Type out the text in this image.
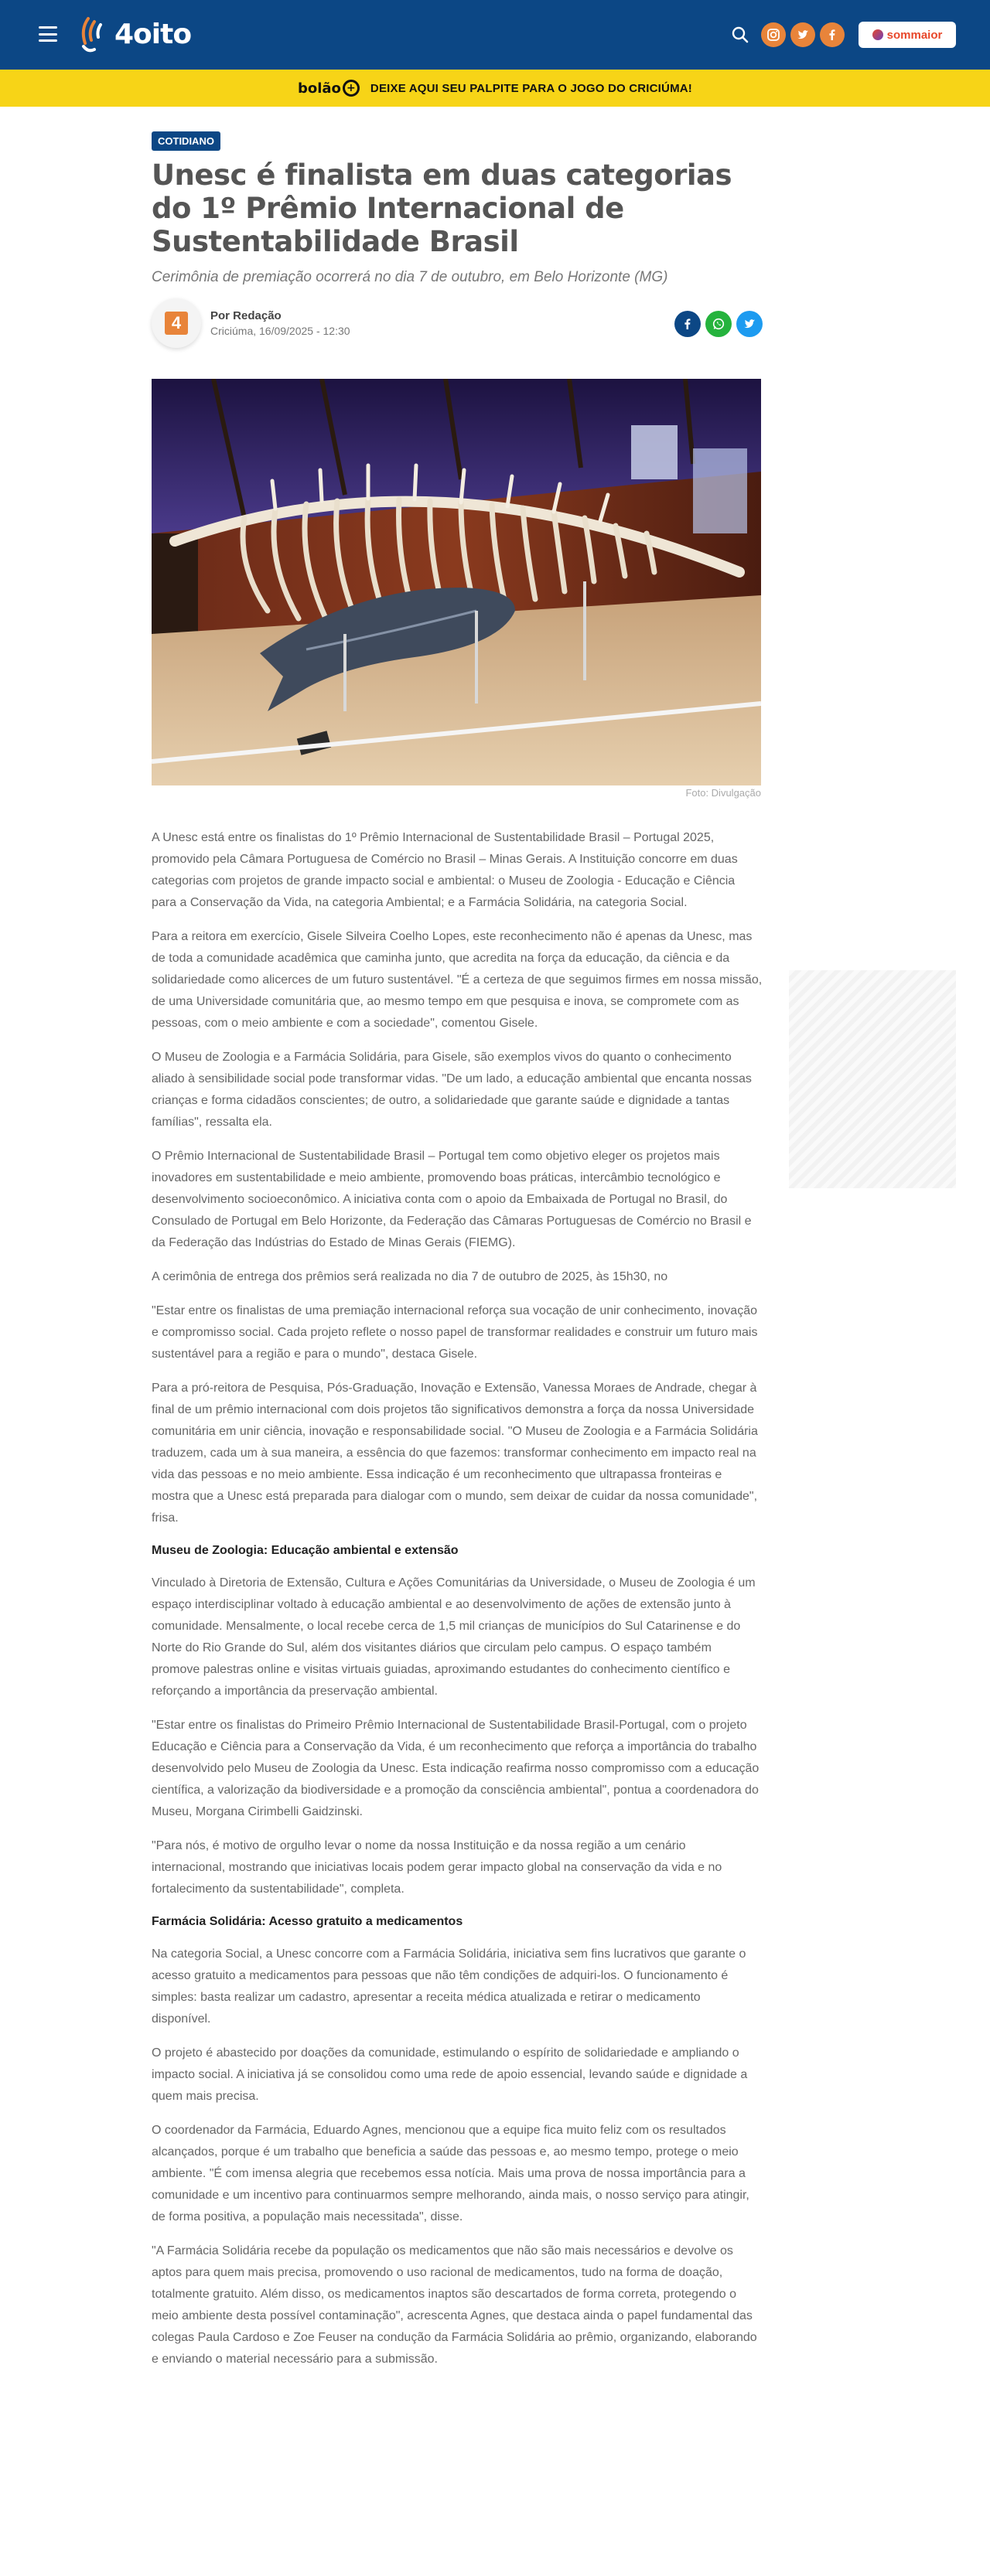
4oito	sommaior
bolão +	DEIXE AQUI SEU PALPITE PARA O JOGO DO CRICIÚMA!
COTIDIANO
Unesc é finalista em duas categorias do 1º Prêmio Internacional de Sustentabilidade Brasil

Cerimônia de premiação ocorrerá no dia 7 de outubro, em Belo Horizonte (MG)

4	Por Redação
Criciúma, 16/09/2025 - 12:30
Foto: Divulgação

A Unesc está entre os finalistas do 1º Prêmio Internacional de Sustentabilidade Brasil – Portugal 2025, promovido pela Câmara Portuguesa de Comércio no Brasil – Minas Gerais. A Instituição concorre em duas categorias com projetos de grande impacto social e ambiental: o Museu de Zoologia - Educação e Ciência para a Conservação da Vida, na categoria Ambiental; e a Farmácia Solidária, na categoria Social.

Para a reitora em exercício, Gisele Silveira Coelho Lopes, este reconhecimento não é apenas da Unesc, mas de toda a comunidade acadêmica que caminha junto, que acredita na força da educação, da ciência e da solidariedade como alicerces de um futuro sustentável. "É a certeza de que seguimos firmes em nossa missão, de uma Universidade comunitária que, ao mesmo tempo em que pesquisa e inova, se compromete com as pessoas, com o meio ambiente e com a sociedade", comentou Gisele.

O Museu de Zoologia e a Farmácia Solidária, para Gisele, são exemplos vivos do quanto o conhecimento aliado à sensibilidade social pode transformar vidas. "De um lado, a educação ambiental que encanta nossas crianças e forma cidadãos conscientes; de outro, a solidariedade que garante saúde e dignidade a tantas famílias", ressalta ela.

O Prêmio Internacional de Sustentabilidade Brasil – Portugal tem como objetivo eleger os projetos mais inovadores em sustentabilidade e meio ambiente, promovendo boas práticas, intercâmbio tecnológico e desenvolvimento socioeconômico. A iniciativa conta com o apoio da Embaixada de Portugal no Brasil, do Consulado de Portugal em Belo Horizonte, da Federação das Câmaras Portuguesas de Comércio no Brasil e da Federação das Indústrias do Estado de Minas Gerais (FIEMG).

A cerimônia de entrega dos prêmios será realizada no dia 7 de outubro de 2025, às 15h30, no

"Estar entre os finalistas de uma premiação internacional reforça sua vocação de unir conhecimento, inovação e compromisso social. Cada projeto reflete o nosso papel de transformar realidades e construir um futuro mais sustentável para a região e para o mundo", destaca Gisele.

Para a pró-reitora de Pesquisa, Pós-Graduação, Inovação e Extensão, Vanessa Moraes de Andrade, chegar à final de um prêmio internacional com dois projetos tão significativos demonstra a força da nossa Universidade comunitária em unir ciência, inovação e responsabilidade social. "O Museu de Zoologia e a Farmácia Solidária traduzem, cada um à sua maneira, a essência do que fazemos: transformar conhecimento em impacto real na vida das pessoas e no meio ambiente. Essa indicação é um reconhecimento que ultrapassa fronteiras e mostra que a Unesc está preparada para dialogar com o mundo, sem deixar de cuidar da nossa comunidade", frisa.

Museu de Zoologia: Educação ambiental e extensão

Vinculado à Diretoria de Extensão, Cultura e Ações Comunitárias da Universidade, o Museu de Zoologia é um espaço interdisciplinar voltado à educação ambiental e ao desenvolvimento de ações de extensão junto à comunidade. Mensalmente, o local recebe cerca de 1,5 mil crianças de municípios do Sul Catarinense e do Norte do Rio Grande do Sul, além dos visitantes diários que circulam pelo campus. O espaço também promove palestras online e visitas virtuais guiadas, aproximando estudantes do conhecimento científico e reforçando a importância da preservação ambiental.

"Estar entre os finalistas do Primeiro Prêmio Internacional de Sustentabilidade Brasil-Portugal, com o projeto Educação e Ciência para a Conservação da Vida, é um reconhecimento que reforça a importância do trabalho desenvolvido pelo Museu de Zoologia da Unesc. Esta indicação reafirma nosso compromisso com a educação científica, a valorização da biodiversidade e a promoção da consciência ambiental", pontua a coordenadora do Museu, Morgana Cirimbelli Gaidzinski.

"Para nós, é motivo de orgulho levar o nome da nossa Instituição e da nossa região a um cenário internacional, mostrando que iniciativas locais podem gerar impacto global na conservação da vida e no fortalecimento da sustentabilidade", completa.

Farmácia Solidária: Acesso gratuito a medicamentos

Na categoria Social, a Unesc concorre com a Farmácia Solidária, iniciativa sem fins lucrativos que garante o acesso gratuito a medicamentos para pessoas que não têm condições de adquiri-los. O funcionamento é simples: basta realizar um cadastro, apresentar a receita médica atualizada e retirar o medicamento disponível.

O projeto é abastecido por doações da comunidade, estimulando o espírito de solidariedade e ampliando o impacto social. A iniciativa já se consolidou como uma rede de apoio essencial, levando saúde e dignidade a quem mais precisa.

O coordenador da Farmácia, Eduardo Agnes, mencionou que a equipe fica muito feliz com os resultados alcançados, porque é um trabalho que beneficia a saúde das pessoas e, ao mesmo tempo, protege o meio ambiente. "É com imensa alegria que recebemos essa notícia. Mais uma prova de nossa importância para a comunidade e um incentivo para continuarmos sempre melhorando, ainda mais, o nosso serviço para atingir, de forma positiva, a população mais necessitada", disse.

"A Farmácia Solidária recebe da população os medicamentos que não são mais necessários e devolve os aptos para quem mais precisa, promovendo o uso racional de medicamentos, tudo na forma de doação, totalmente gratuito. Além disso, os medicamentos inaptos são descartados de forma correta, protegendo o meio ambiente desta possível contaminação", acrescenta Agnes, que destaca ainda o papel fundamental das colegas Paula Cardoso e Zoe Feuser na condução da Farmácia Solidária ao prêmio, organizando, elaborando e enviando o material necessário para a submissão.
